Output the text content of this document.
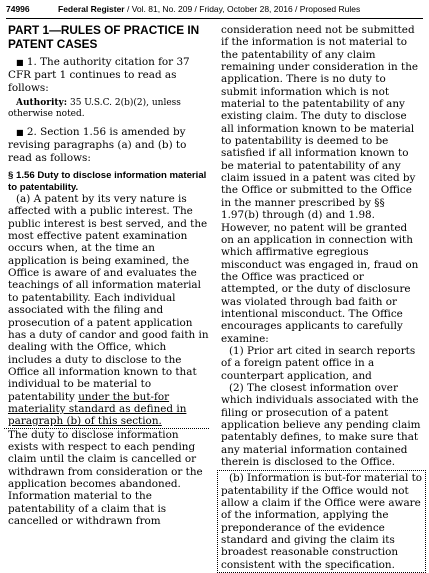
74996	Federal Register / Vol. 81, No. 209 / Friday, October 28, 2016 / Proposed Rules

PART 1—RULES OF PRACTICE IN PATENT CASES

■ 1. The authority citation for 37 CFR part 1 continues to read as follows:

Authority: 35 U.S.C. 2(b)(2), unless otherwise noted.

■ 2. Section 1.56 is amended by revising paragraphs (a) and (b) to read as follows:

§ 1.56 Duty to disclose information material to patentability.

(a) A patent by its very nature is affected with a public interest. The public interest is best served, and the most effective patent examination occurs when, at the time an application is being examined, the Office is aware of and evaluates the teachings of all information material to patentability. Each individual associated with the filing and prosecution of a patent application has a duty of candor and good faith in dealing with the Office, which includes a duty to disclose to the Office all information known to that individual to be material to patentability under the but-for materiality standard as defined in paragraph (b) of this section.

The duty to disclose information exists with respect to each pending claim until the claim is cancelled or withdrawn from consideration or the application becomes abandoned. Information material to the patentability of a claim that is cancelled or withdrawn from

consideration need not be submitted if the information is not material to the patentability of any claim remaining under consideration in the application. There is no duty to submit information which is not material to the patentability of any existing claim. The duty to disclose all information known to be material to patentability is deemed to be satisfied if all information known to be material to patentability of any claim issued in a patent was cited by the Office or submitted to the Office in the manner prescribed by §§ 1.97(b) through (d) and 1.98. However, no patent will be granted on an application in connection with which affirmative egregious misconduct was engaged in, fraud on the Office was practiced or attempted, or the duty of disclosure was violated through bad faith or intentional misconduct. The Office encourages applicants to carefully examine:

(1) Prior art cited in search reports of a foreign patent office in a counterpart application, and

(2) The closest information over which individuals associated with the filing or prosecution of a patent application believe any pending claim patentably defines, to make sure that any material information contained therein is disclosed to the Office.

(b) Information is but-for material to patentability if the Office would not allow a claim if the Office were aware of the information, applying the preponderance of the evidence standard and giving the claim its broadest reasonable construction consistent with the specification.
